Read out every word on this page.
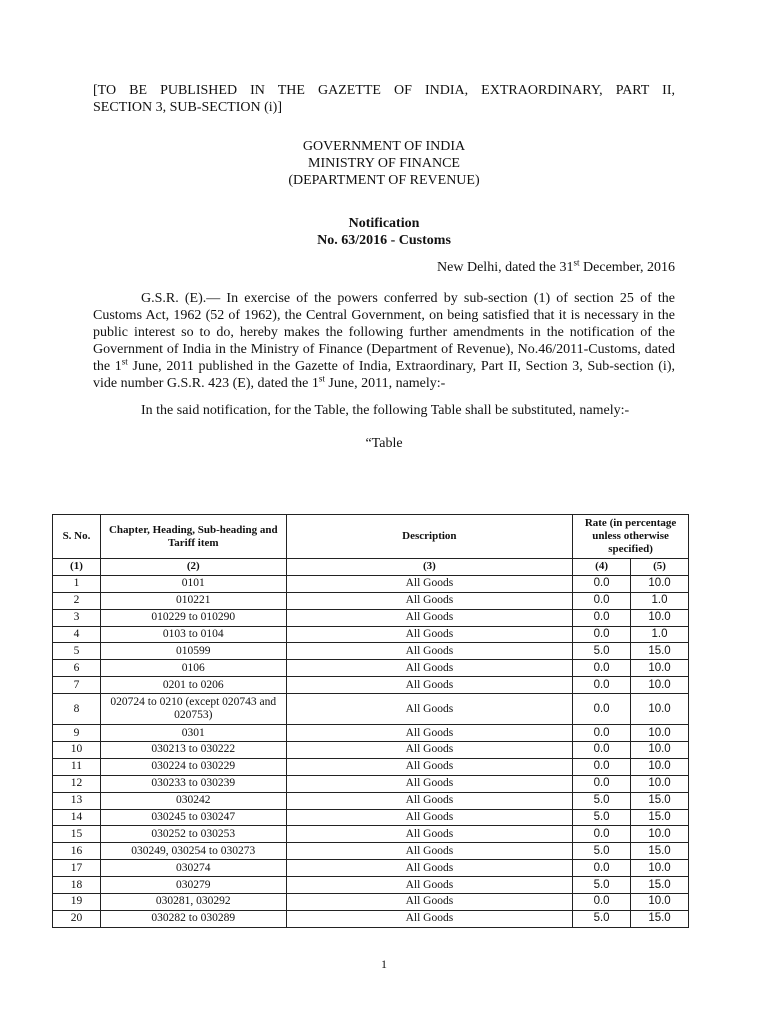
[TO BE PUBLISHED IN THE GAZETTE OF INDIA, EXTRAORDINARY, PART II,

SECTION 3, SUB-SECTION (i)]

GOVERNMENT OF INDIA

MINISTRY OF FINANCE

(DEPARTMENT OF REVENUE)

Notification

No. 63/2016 - Customs

New Delhi, dated the 31st December, 2016

G.S.R. (E).— In exercise of the powers conferred by sub-section (1) of section 25 of the Customs Act, 1962 (52 of 1962), the Central Government, on being satisfied that it is necessary in the public interest so to do, hereby makes the following further amendments in the notification of the Government of India in the Ministry of Finance (Department of Revenue), No.46/2011-Customs, dated the 1st June, 2011 published in the Gazette of India, Extraordinary, Part II, Section 3, Sub-section (i), vide number G.S.R. 423 (E), dated the 1st June, 2011, namely:-

In the said notification, for the Table, the following Table shall be substituted, namely:-

“Table

S. No.	Chapter, Heading, Sub-heading and Tariff item	Description	Rate (in percentage unless otherwise specified)	
(1)	(2)	(3)	(4)	(5)
1	0101	All Goods	0.0	10.0
2	010221	All Goods	0.0	1.0
3	010229 to 010290	All Goods	0.0	10.0
4	0103 to 0104	All Goods	0.0	1.0
5	010599	All Goods	5.0	15.0
6	0106	All Goods	0.0	10.0
7	0201 to 0206	All Goods	0.0	10.0
8	020724 to 0210 (except 020743 and 020753)	All Goods	0.0	10.0
9	0301	All Goods	0.0	10.0
10	030213 to 030222	All Goods	0.0	10.0
11	030224 to 030229	All Goods	0.0	10.0
12	030233 to 030239	All Goods	0.0	10.0
13	030242	All Goods	5.0	15.0
14	030245 to 030247	All Goods	5.0	15.0
15	030252 to 030253	All Goods	0.0	10.0
16	030249, 030254 to 030273	All Goods	5.0	15.0
17	030274	All Goods	0.0	10.0
18	030279	All Goods	5.0	15.0
19	030281, 030292	All Goods	0.0	10.0
20	030282 to 030289	All Goods	5.0	15.0
1
